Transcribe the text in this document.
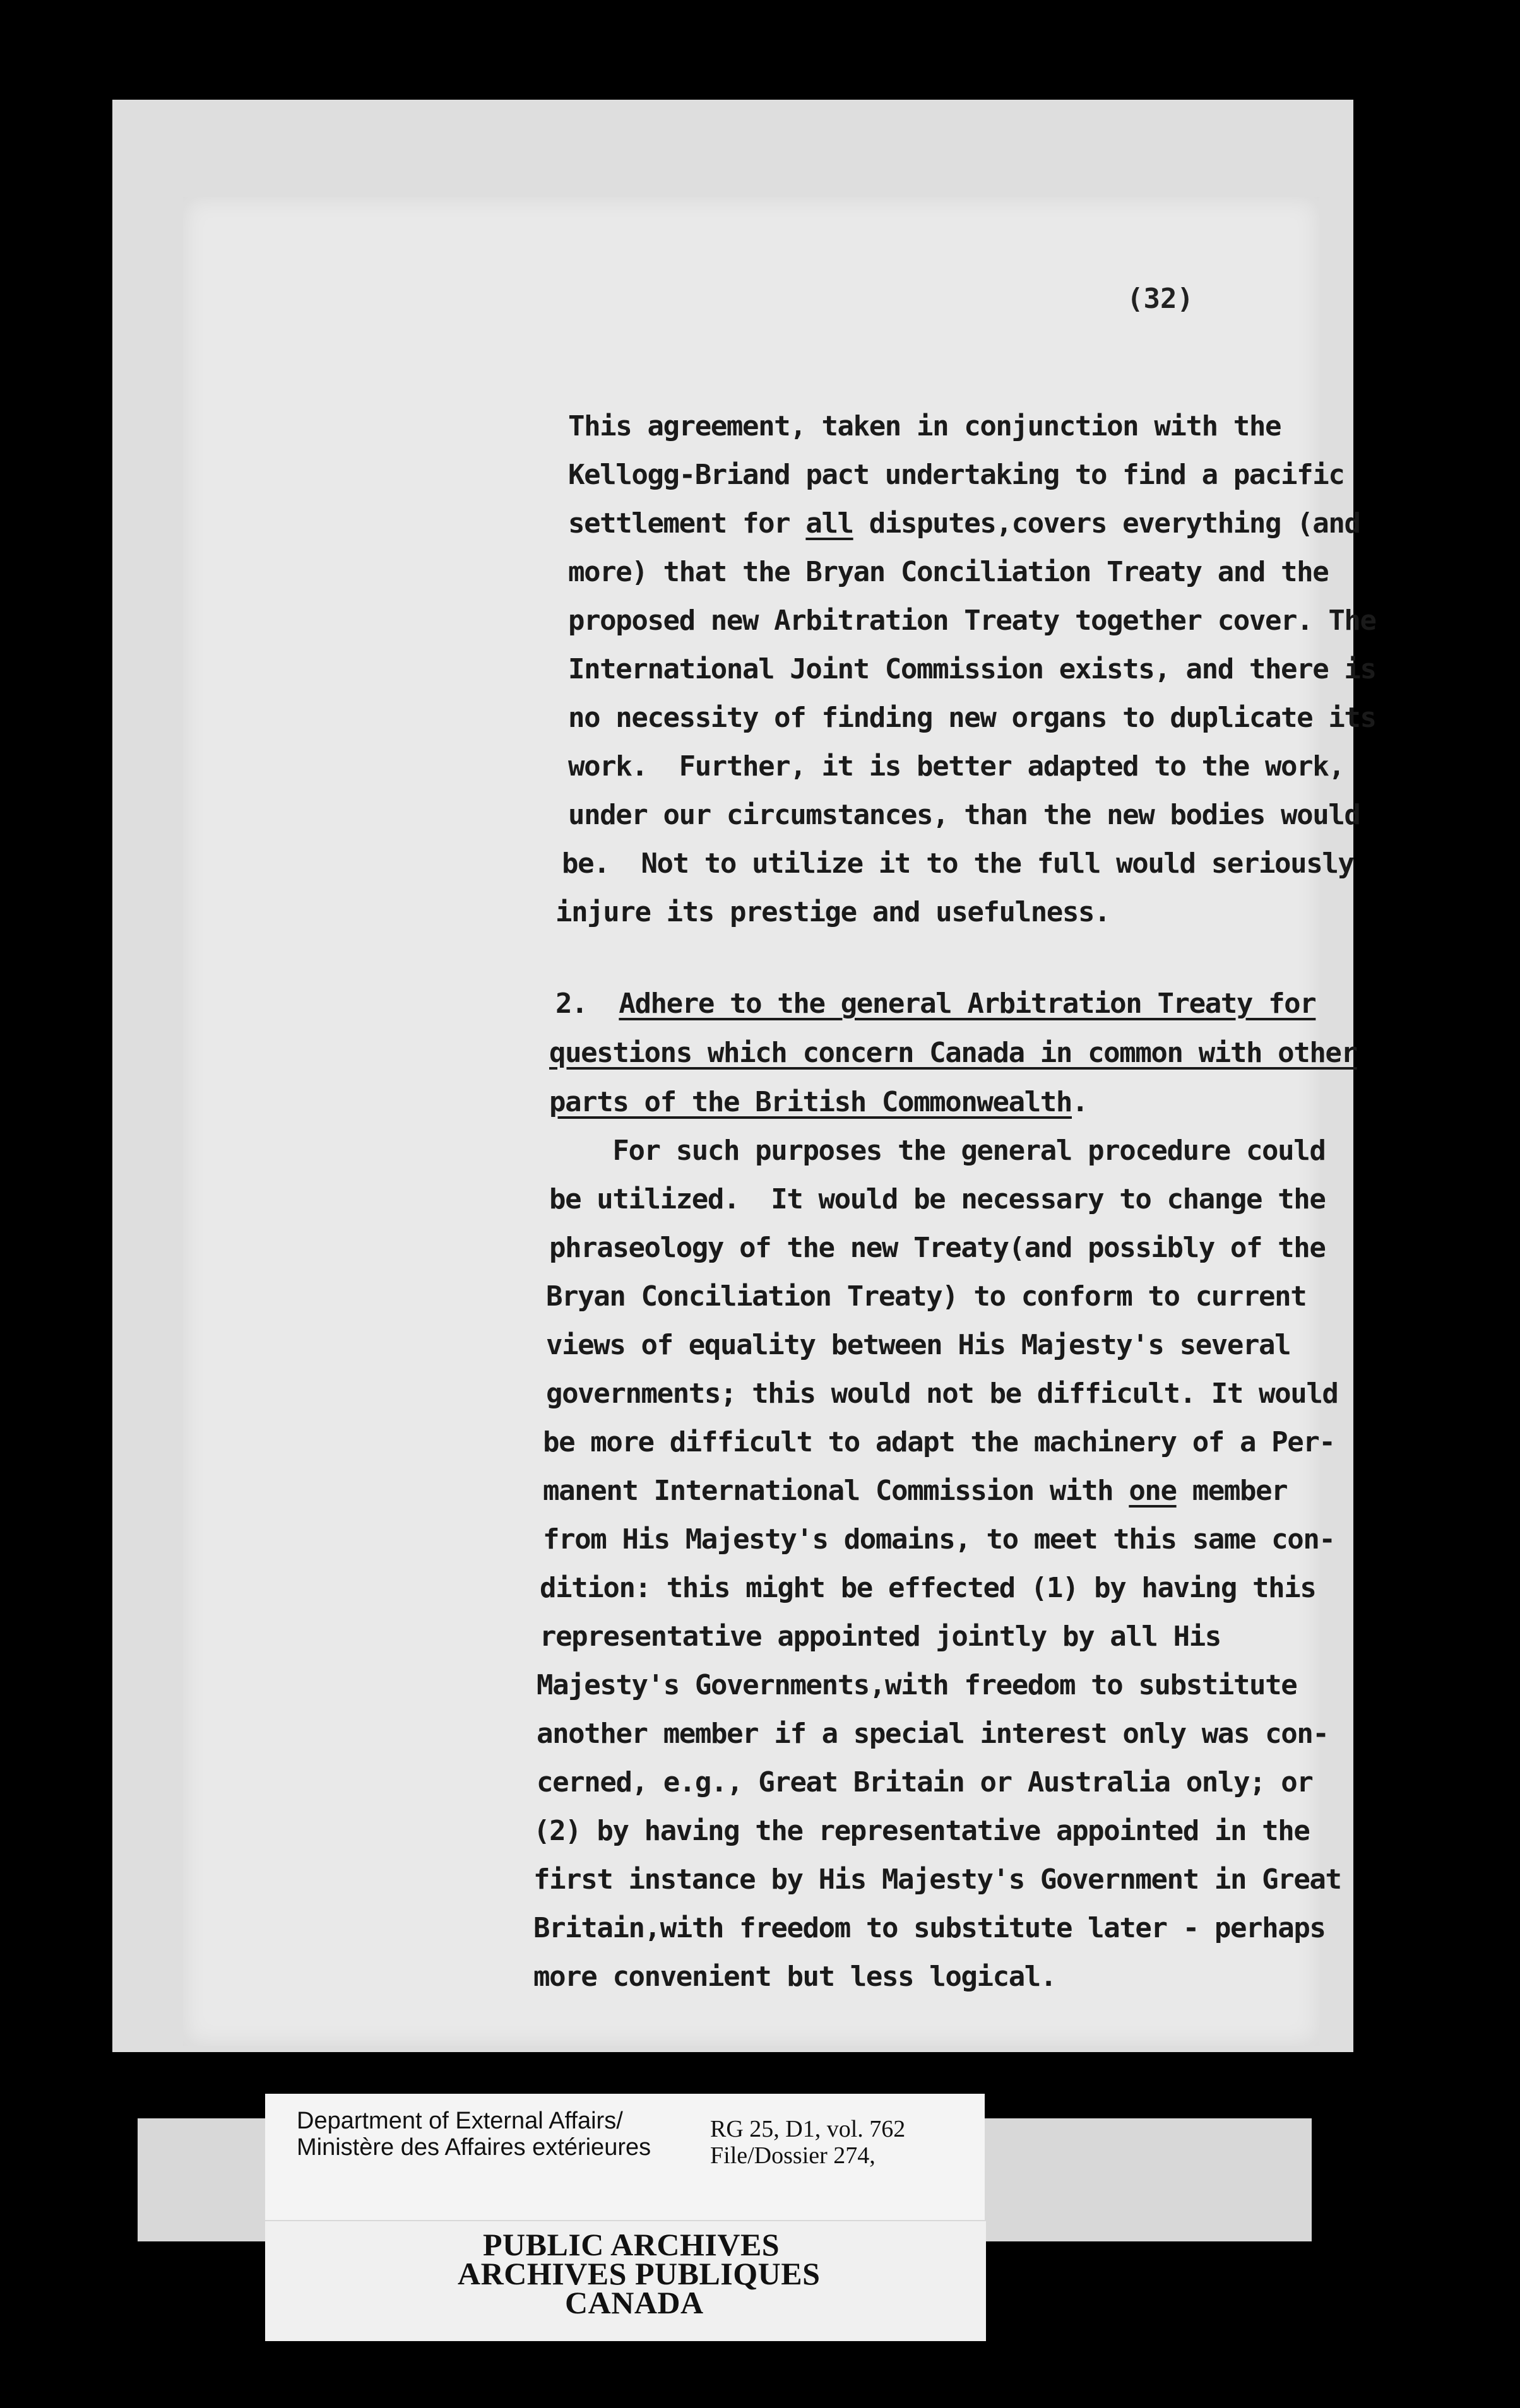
(32)
This agreement, taken in conjunction with the
Kellogg-Briand pact undertaking to find a pacific
settlement for all disputes,covers everything (and
more) that the Bryan Conciliation Treaty and the
proposed new Arbitration Treaty together cover. The
International Joint Commission exists, and there is
no necessity of finding new organs to duplicate its
work.  Further, it is better adapted to the work,
under our circumstances, than the new bodies would
be.  Not to utilize it to the full would seriously
injure its prestige and usefulness.
2. Adhere to the general Arbitration Treaty for
questions which concern Canada in common with other
parts of the British Commonwealth.
For such purposes the general procedure could
be utilized.  It would be necessary to change the
phraseology of the new Treaty(and possibly of the
Bryan Conciliation Treaty) to conform to current
views of equality between His Majesty's several
governments; this would not be difficult. It would
be more difficult to adapt the machinery of a Per-
manent International Commission with one member
from His Majesty's domains, to meet this same con-
dition: this might be effected (1) by having this
representative appointed jointly by all His
Majesty's Governments,with freedom to substitute
another member if a special interest only was con-
cerned, e.g., Great Britain or Australia only; or
(2) by having the representative appointed in the
first instance by His Majesty's Government in Great
Britain,with freedom to substitute later - perhaps
more convenient but less logical.
Department of External Affairs/
Ministère des Affaires extérieures
RG 25, D1, vol. 762
File/Dossier 274,
PUBLIC ARCHIVES
ARCHIVES PUBLIQUES
CANADA
